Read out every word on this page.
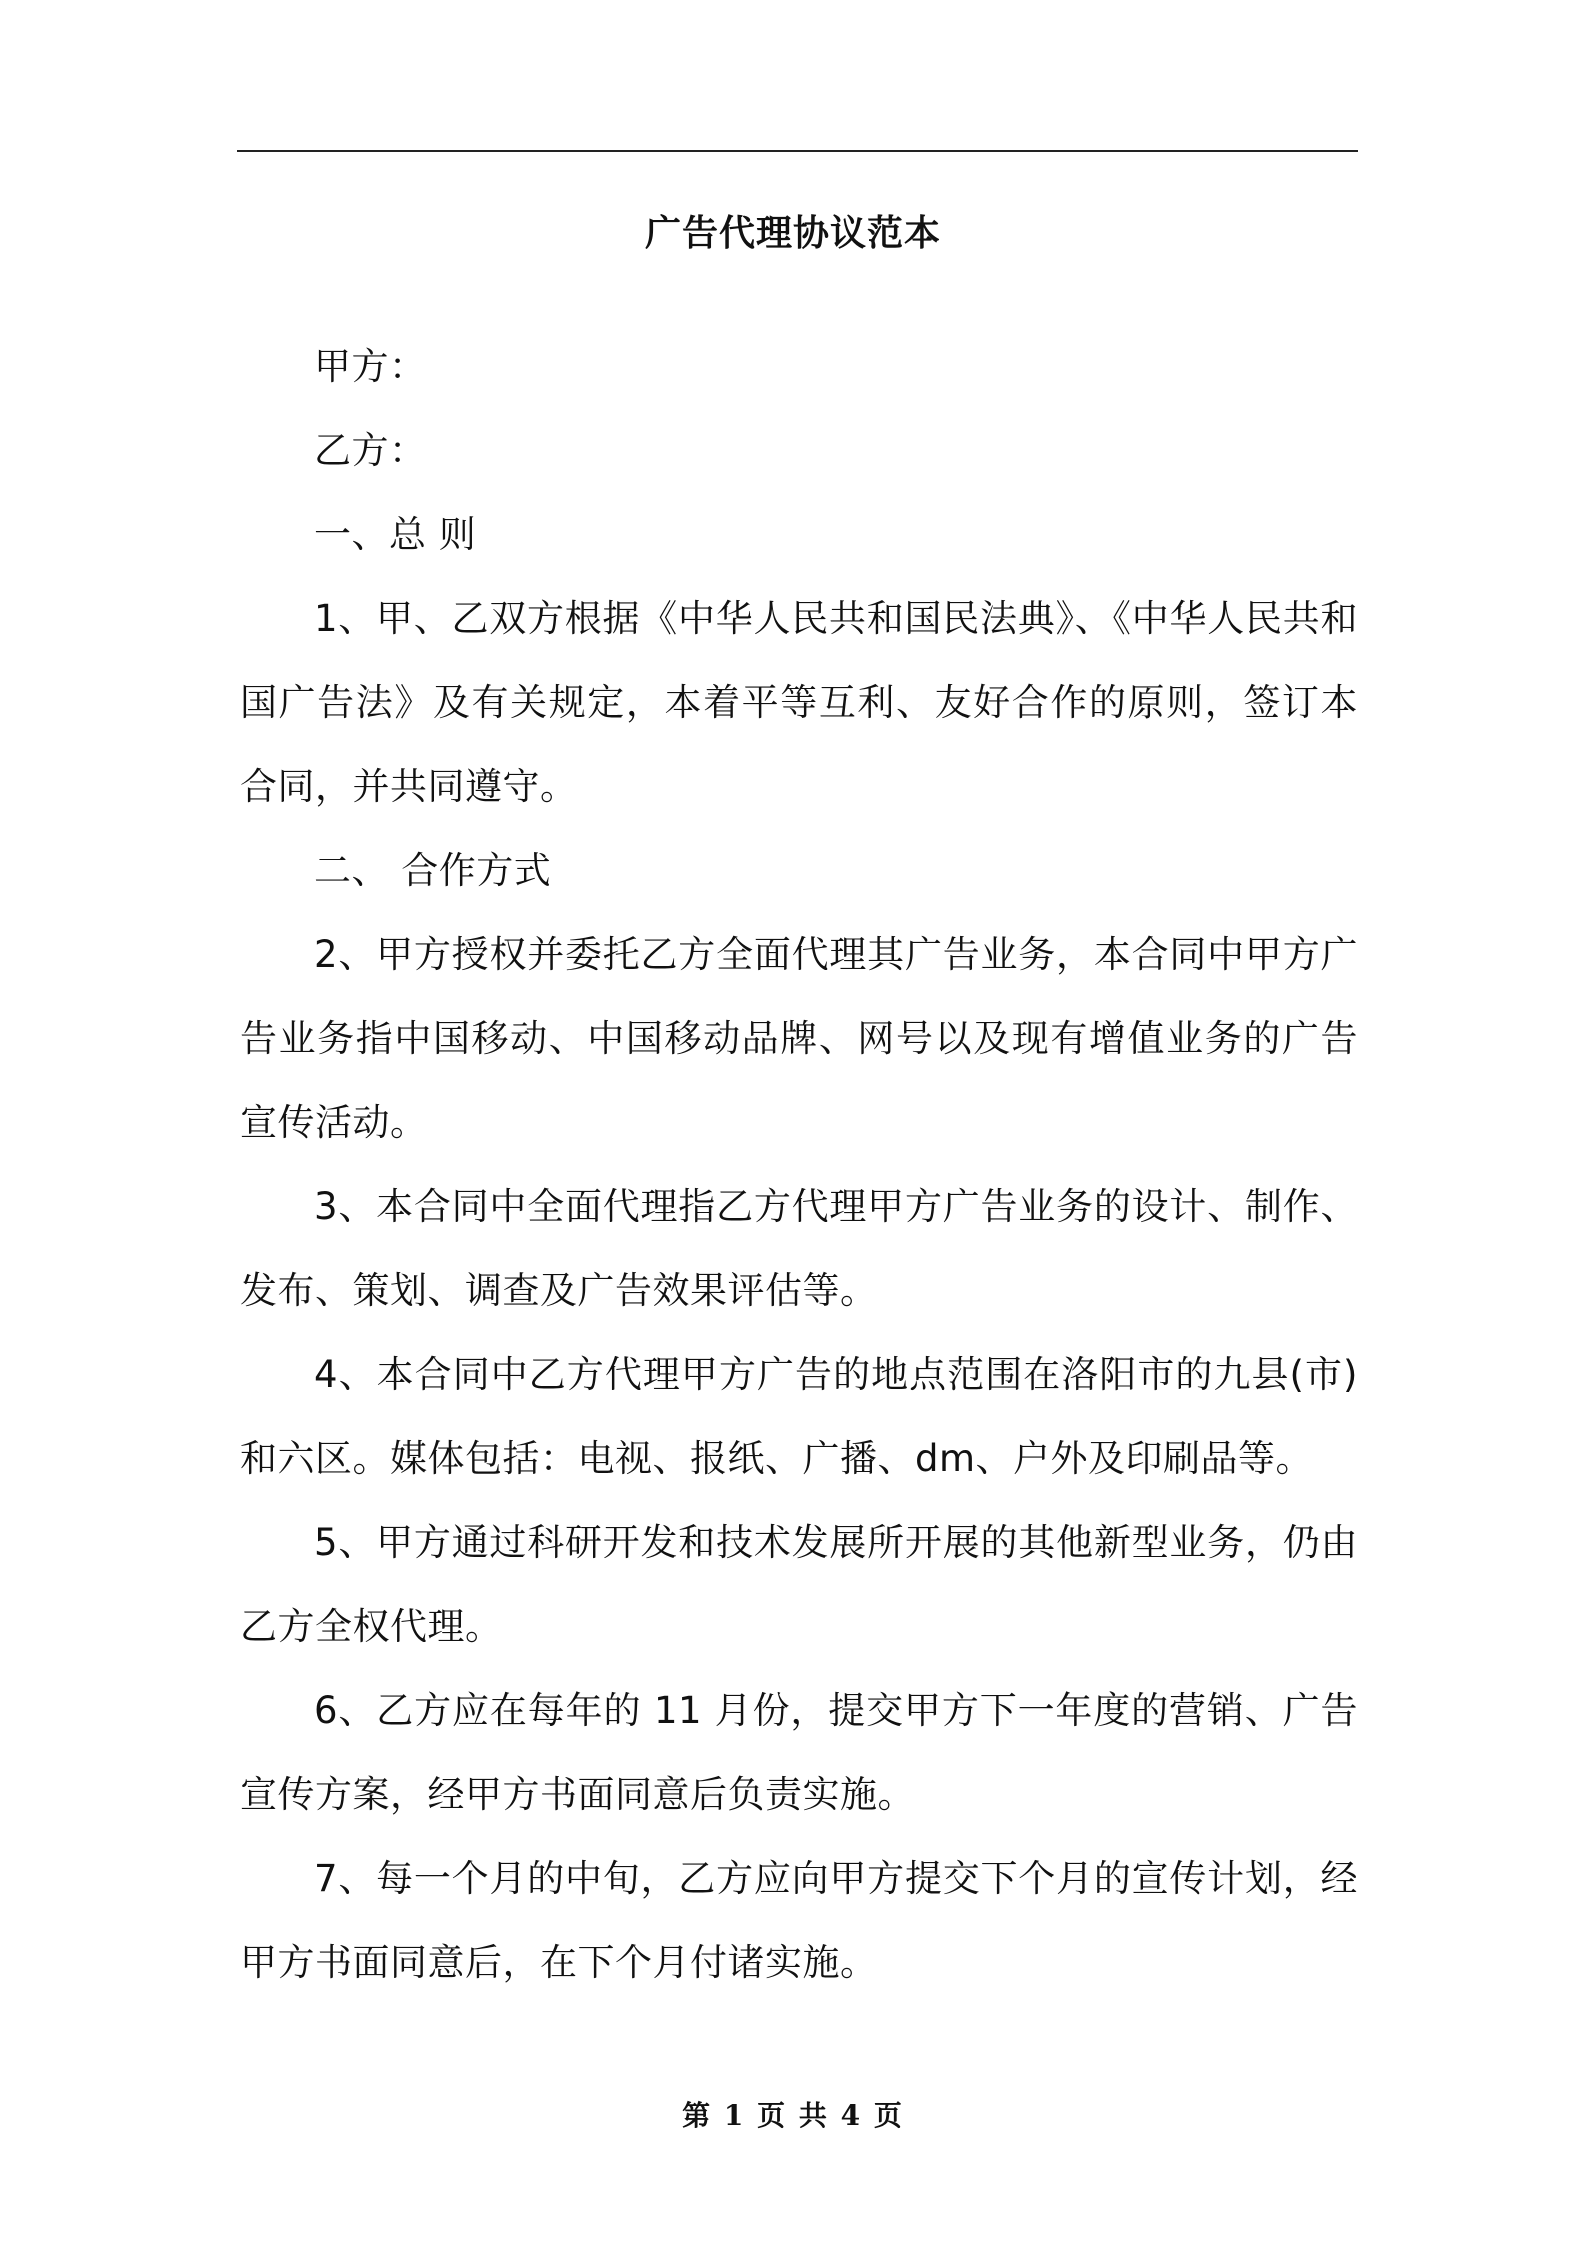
广告代理协议范本

甲方：

乙方：

一、总 则

1、甲、乙双方根据《中华人民共和国民法典》、《中华人民共和国广告法》及有关规定，本着平等互利、友好合作的原则，签订本合同，并共同遵守。

二、 合作方式

2、甲方授权并委托乙方全面代理其广告业务，本合同中甲方广告业务指中国移动、中国移动品牌、网号以及现有增值业务的广告宣传活动。

3、本合同中全面代理指乙方代理甲方广告业务的设计、制作、发布、策划、调查及广告效果评估等。

4、本合同中乙方代理甲方广告的地点范围在洛阳市的九县(市)和六区。媒体包括：电视、报纸、广播、dm、户外及印刷品等。

5、甲方通过科研开发和技术发展所开展的其他新型业务，仍由乙方全权代理。

6、乙方应在每年的 11 月份，提交甲方下一年度的营销、广告宣传方案，经甲方书面同意后负责实施。

7、每一个月的中旬，乙方应向甲方提交下个月的宣传计划，经甲方书面同意后，在下个月付诸实施。

第 1 页 共 4 页
